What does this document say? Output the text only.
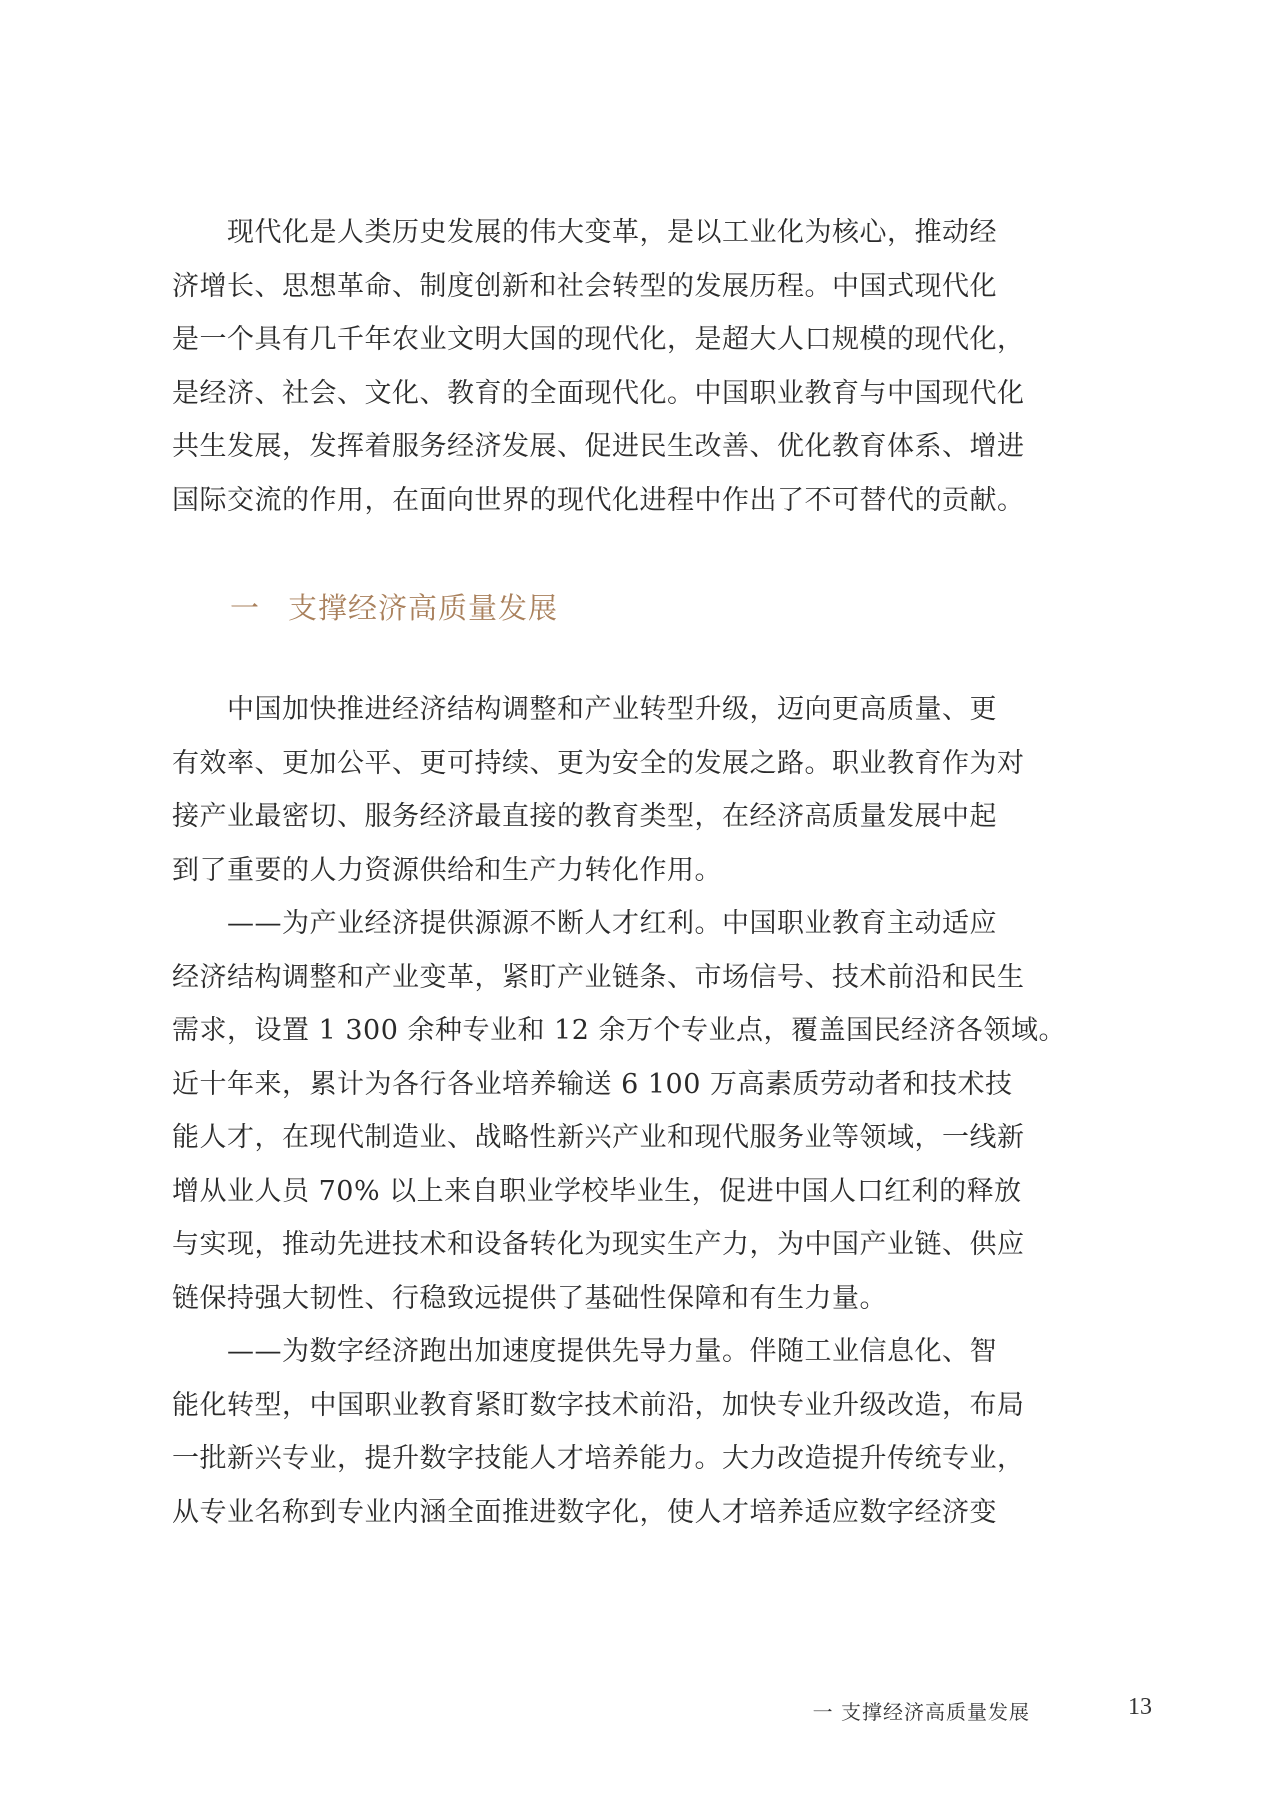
现代化是人类历史发展的伟大变革，是以工业化为核心，推动经
济增长、思想革命、制度创新和社会转型的发展历程。中国式现代化
是一个具有几千年农业文明大国的现代化，是超大人口规模的现代化，
是经济、社会、文化、教育的全面现代化。中国职业教育与中国现代化
共生发展，发挥着服务经济发展、促进民生改善、优化教育体系、增进
国际交流的作用，在面向世界的现代化进程中作出了不可替代的贡献。
一 支撑经济高质量发展
中国加快推进经济结构调整和产业转型升级，迈向更高质量、更
有效率、更加公平、更可持续、更为安全的发展之路。职业教育作为对
接产业最密切、服务经济最直接的教育类型，在经济高质量发展中起
到了重要的人力资源供给和生产力转化作用。
——为产业经济提供源源不断人才红利。中国职业教育主动适应
经济结构调整和产业变革，紧盯产业链条、市场信号、技术前沿和民生
需求，设置 1 300 余种专业和 12 余万个专业点，覆盖国民经济各领域。
近十年来，累计为各行各业培养输送 6 100 万高素质劳动者和技术技
能人才，在现代制造业、战略性新兴产业和现代服务业等领域，一线新
增从业人员 70% 以上来自职业学校毕业生，促进中国人口红利的释放
与实现，推动先进技术和设备转化为现实生产力，为中国产业链、供应
链保持强大韧性、行稳致远提供了基础性保障和有生力量。
——为数字经济跑出加速度提供先导力量。伴随工业信息化、智
能化转型，中国职业教育紧盯数字技术前沿，加快专业升级改造，布局
一批新兴专业，提升数字技能人才培养能力。大力改造提升传统专业，
从专业名称到专业内涵全面推进数字化，使人才培养适应数字经济变
一 支撑经济高质量发展	13
